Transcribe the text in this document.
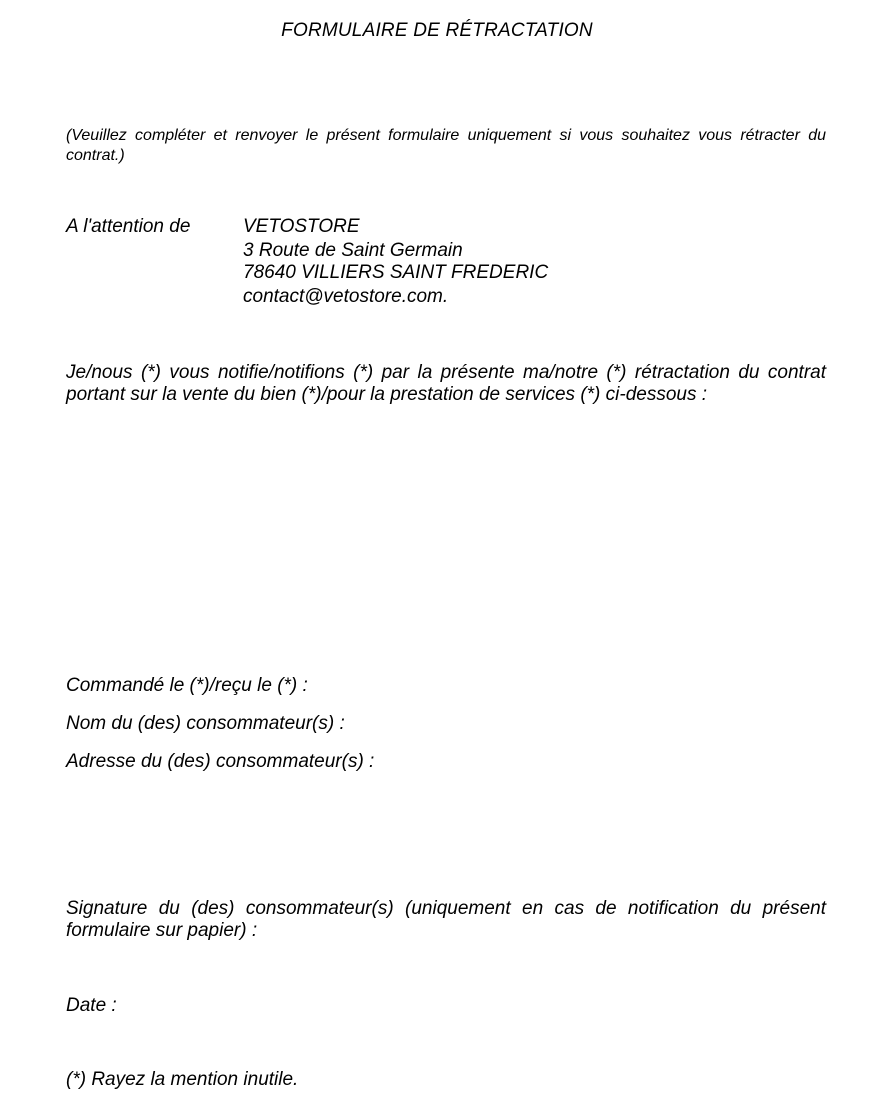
FORMULAIRE DE RÉTRACTATION
(Veuillez compléter et renvoyer le présent formulaire uniquement si vous souhaitez vous rétracter du contrat.)
A l'attention de	VETOSTORE
3 Route de Saint Germain
78640 VILLIERS SAINT FREDERIC
contact@vetostore.com.
Je/nous (*) vous notifie/notifions (*) par la présente ma/notre (*) rétractation du contrat portant sur la vente du bien (*)/pour la prestation de services (*) ci-dessous :
Commandé le (*)/reçu le (*) :
Nom du (des) consommateur(s) :
Adresse du (des) consommateur(s) :
Signature du (des) consommateur(s) (uniquement en cas de notification du présent formulaire sur papier) :
Date :
(*) Rayez la mention inutile.
